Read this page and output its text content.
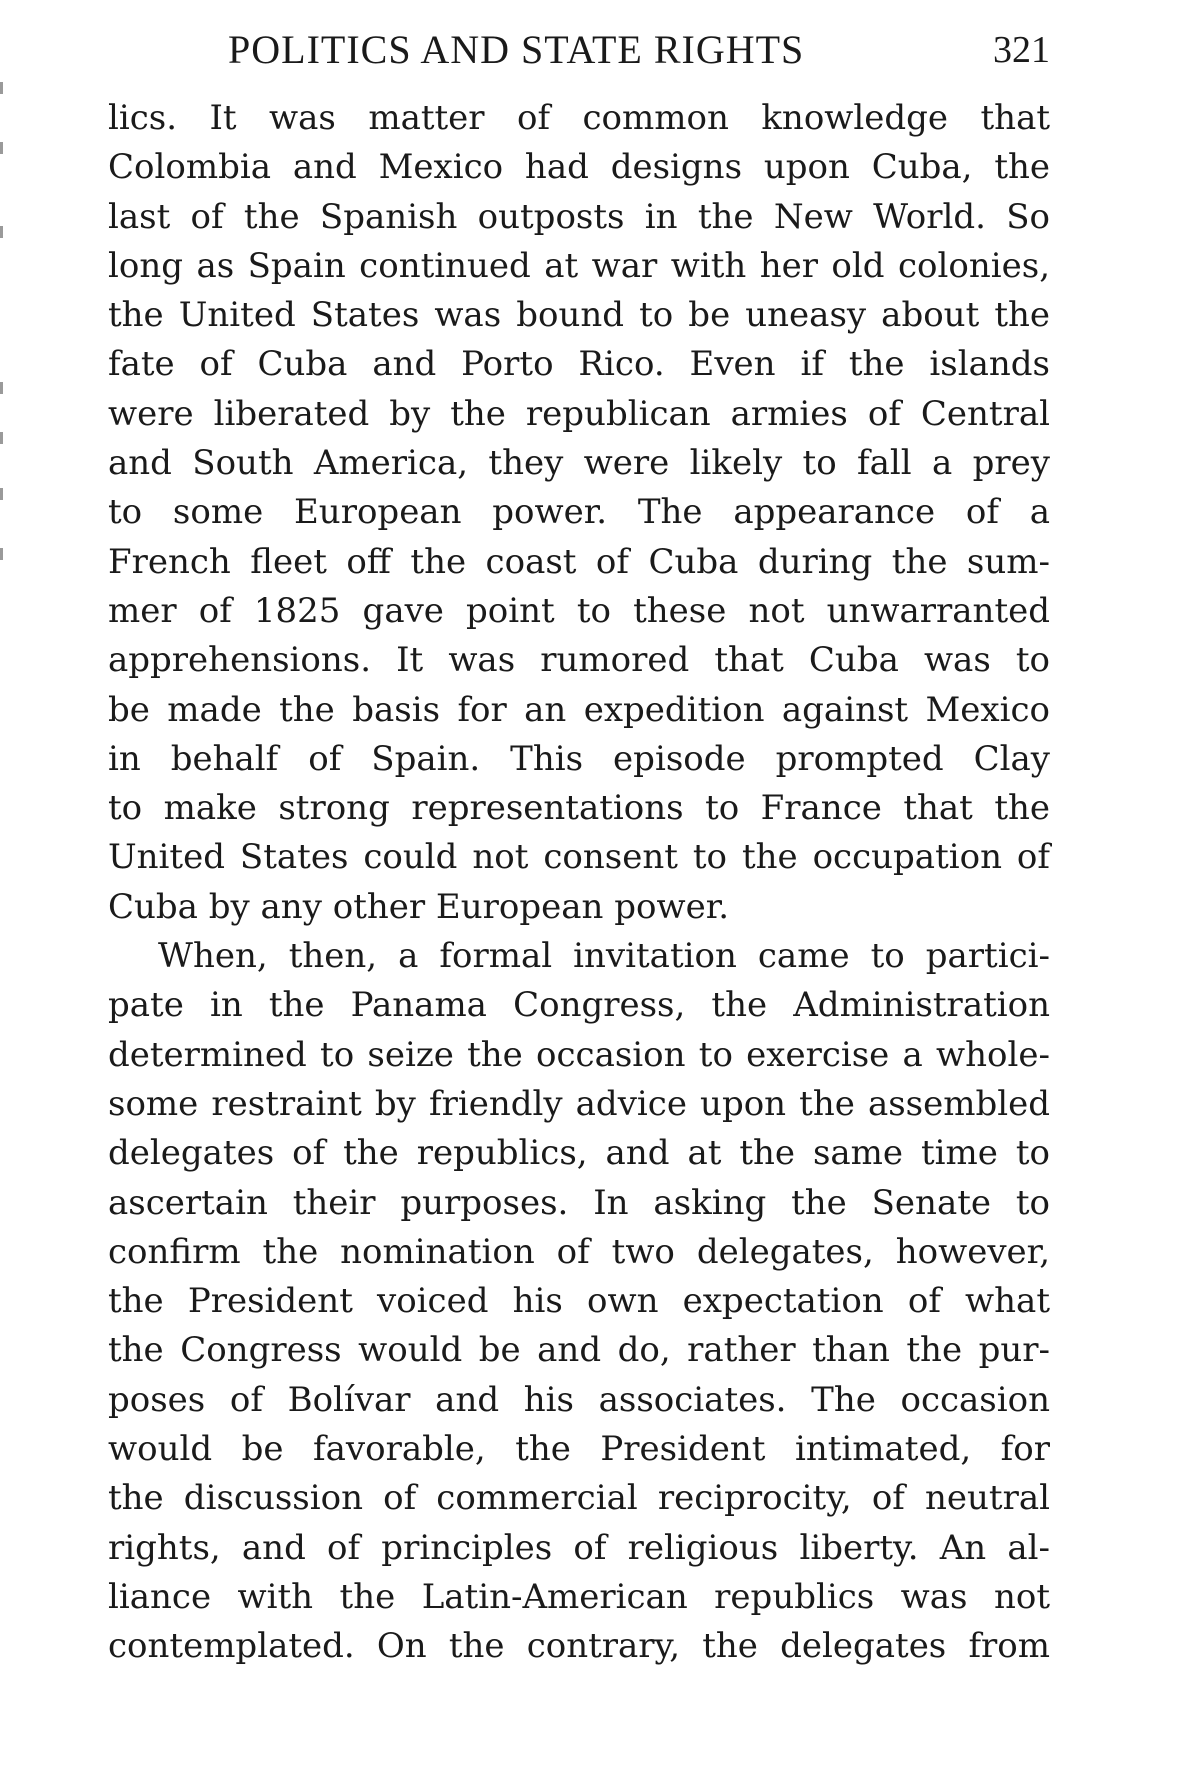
POLITICS AND STATE RIGHTS	321
lics. It was matter of common knowledge that
Colombia and Mexico had designs upon Cuba, the
last of the Spanish outposts in the New World. So
long as Spain continued at war with her old colonies,
the United States was bound to be uneasy about the
fate of Cuba and Porto Rico. Even if the islands
were liberated by the republican armies of Central
and South America, they were likely to fall a prey
to some European power. The appearance of a
French fleet off the coast of Cuba during the sum-
mer of 1825 gave point to these not unwarranted
apprehensions. It was rumored that Cuba was to
be made the basis for an expedition against Mexico
in behalf of Spain. This episode prompted Clay
to make strong representations to France that the
United States could not consent to the occupation of
Cuba by any other European power.
When, then, a formal invitation came to partici-
pate in the Panama Congress, the Administration
determined to seize the occasion to exercise a whole-
some restraint by friendly advice upon the assembled
delegates of the republics, and at the same time to
ascertain their purposes. In asking the Senate to
confirm the nomination of two delegates, however,
the President voiced his own expectation of what
the Congress would be and do, rather than the pur-
poses of Bolívar and his associates. The occasion
would be favorable, the President intimated, for
the discussion of commercial reciprocity, of neutral
rights, and of principles of religious liberty. An al-
liance with the Latin-American republics was not
contemplated. On the contrary, the delegates from
